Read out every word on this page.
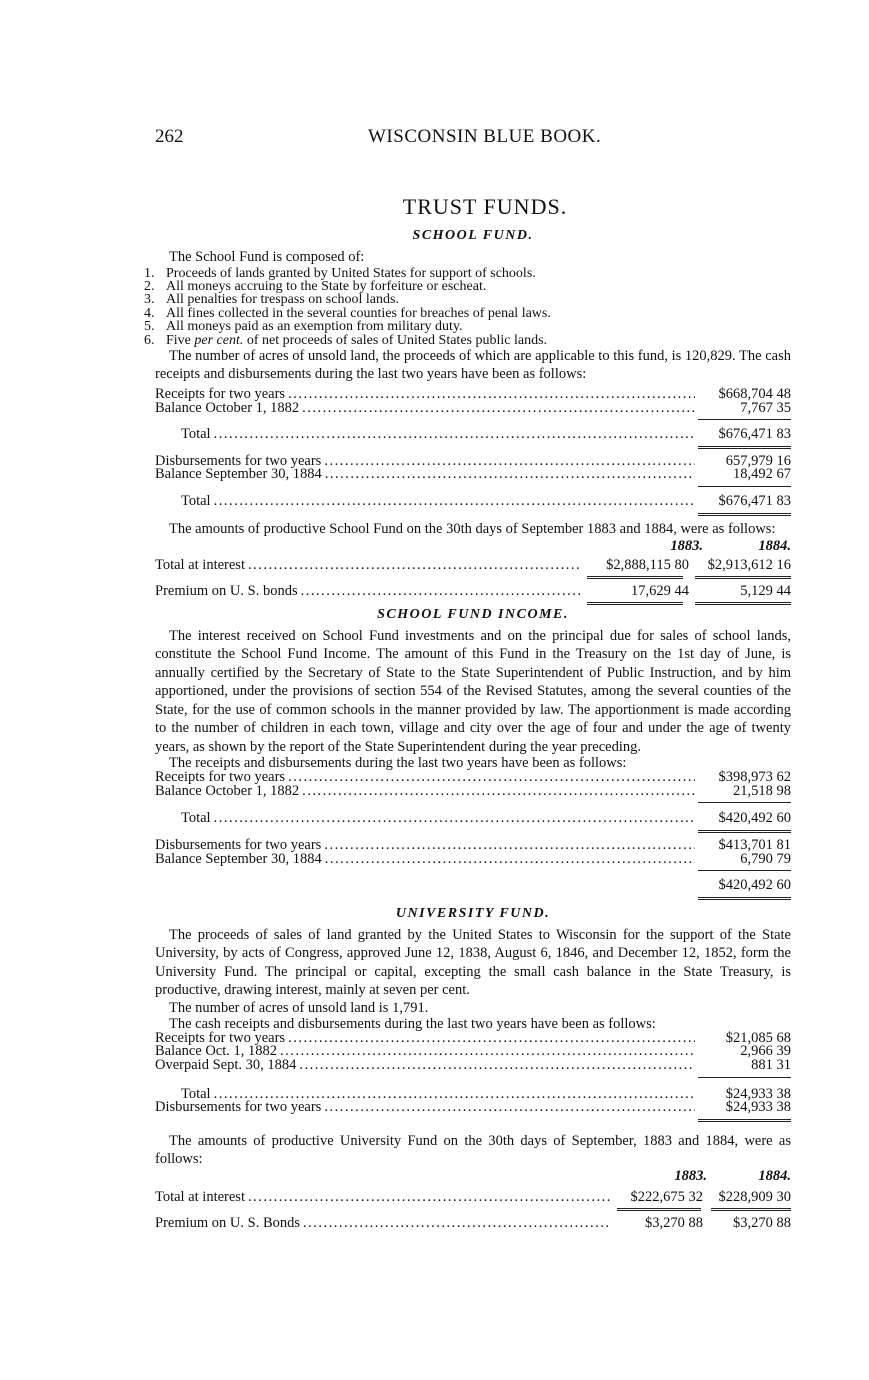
262	WISCONSIN BLUE BOOK.
TRUST FUNDS.
SCHOOL FUND.

The School Fund is composed of:

1. Proceeds of lands granted by United States for support of schools.
2. All moneys accruing to the State by forfeiture or escheat.
3. All penalties for trespass on school lands.
4. All fines collected in the several counties for breaches of penal laws.
5. All moneys paid as an exemption from military duty.
6. Five per cent. of net proceeds of sales of United States public lands.

The number of acres of unsold land, the proceeds of which are applicable to this fund, is 120,829. The cash receipts and disbursements during the last two years have been as follows:

Receipts for two years .....	$668,704 48
Balance October 1, 1882 .....	7,767 35
Total .....	$676,471 83
Disbursements for two years .....	657,979 16
Balance September 30, 1884 .....	18,492 67
Total .....	$676,471 83

The amounts of productive School Fund on the 30th days of September 1883 and 1884, were as follows:

1883.	1884.
Total at interest .....	$2,888,115 80	$2,913,612 16
Premium on U. S. bonds .....	17,629 44	5,129 44
SCHOOL FUND INCOME.

The interest received on School Fund investments and on the principal due for sales of school lands, constitute the School Fund Income. The amount of this Fund in the Treasury on the 1st day of June, is annually certified by the Secretary of State to the State Superintendent of Public Instruction, and by him apportioned, under the provisions of section 554 of the Revised Statutes, among the several counties of the State, for the use of common schools in the manner provided by law. The apportionment is made according to the number of children in each town, village and city over the age of four and under the age of twenty years, as shown by the report of the State Superintendent during the year preceding.

The receipts and disbursements during the last two years have been as follows:

Receipts for two years .....	$398,973 62
Balance October 1, 1882 .....	21,518 98
Total .....	$420,492 60
Disbursements for two years .....	$413,701 81
Balance September 30, 1884 .....	6,790 79
$420,492 60
UNIVERSITY FUND.

The proceeds of sales of land granted by the United States to Wisconsin for the support of the State University, by acts of Congress, approved June 12, 1838, August 6, 1846, and December 12, 1852, form the University Fund. The principal or capital, excepting the small cash balance in the State Treasury, is productive, drawing interest, mainly at seven per cent.

The number of acres of unsold land is 1,791.

The cash receipts and disbursements during the last two years have been as follows:

Receipts for two years .....	$21,085 68
Balance Oct. 1, 1882 .....	2,966 39
Overpaid Sept. 30, 1884 .....	881 31
Total .....	$24,933 38
Disbursements for two years .....	$24,933 38

The amounts of productive University Fund on the 30th days of September, 1883 and 1884, were as follows:

1883.	1884.
Total at interest .....	$222,675 32	$228,909 30
Premium on U. S. Bonds .....	$3,270 88	$3,270 88
